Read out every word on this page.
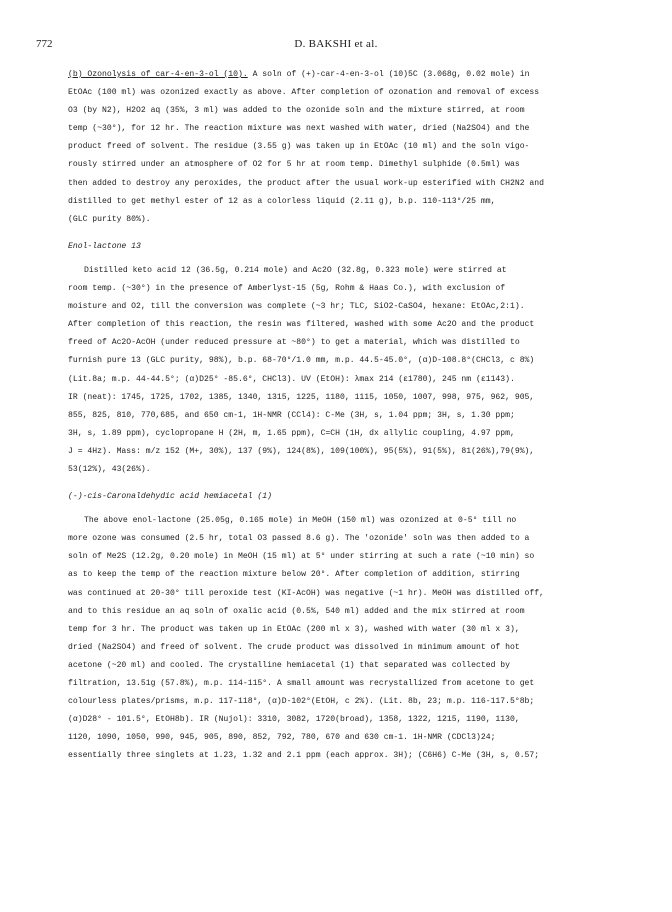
772	D. BAKSHI et al.
(b) Ozonolysis of car-4-en-3-ol (10). A soln of (+)-car-4-en-3-ol (10)5C (3.068g, 0.02 mole) in
EtOAc (100 ml) was ozonized exactly as above. After completion of ozonation and removal of excess
O3 (by N2), H2O2 aq (35%, 3 ml) was added to the ozonide soln and the mixture stirred, at room
temp (~30°), for 12 hr. The reaction mixture was next washed with water, dried (Na2SO4) and the
product freed of solvent. The residue (3.55 g) was taken up in EtOAc (10 ml) and the soln vigo-
rously stirred under an atmosphere of O2 for 5 hr at room temp. Dimethyl sulphide (0.5ml) was
then added to destroy any peroxides, the product after the usual work-up esterified with CH2N2 and
distilled to get methyl ester of 12 as a colorless liquid (2.11 g), b.p. 110-113°/25 mm,
(GLC purity 80%).
Enol-lactone 13
Distilled keto acid 12 (36.5g, 0.214 mole) and Ac2O (32.8g, 0.323 mole) were stirred at
room temp. (~30°) in the presence of Amberlyst-15 (5g, Rohm & Haas Co.), with exclusion of
moisture and O2, till the conversion was complete (~3 hr; TLC, SiO2-CaSO4, hexane: EtOAc,2:1).
After completion of this reaction, the resin was filtered, washed with some Ac2O and the product
freed of Ac2O-AcOH (under reduced pressure at ~80°) to get a material, which was distilled to
furnish pure 13 (GLC purity, 98%), b.p. 68-70°/1.0 mm, m.p. 44.5-45.0°, (α)D-108.8°(CHCl3, c 8%)
(Lit.8a; m.p. 44-44.5°; (α)D25° -85.6°, CHCl3). UV (EtOH): λmax 214 (ε1780), 245 nm (ε1143).
IR (neat): 1745, 1725, 1702, 1385, 1340, 1315, 1225, 1180, 1115, 1050, 1007, 998, 975, 962, 905,
855, 825, 810, 770,685, and 650 cm-1, 1H-NMR (CCl4): C-Me (3H, s, 1.04 ppm; 3H, s, 1.30 ppm;
3H, s, 1.89 ppm), cyclopropane H (2H, m, 1.65 ppm), C=CH (1H, dx allylic coupling, 4.97 ppm,
J = 4Hz). Mass: m/z 152 (M+, 30%), 137 (9%), 124(8%), 109(100%), 95(5%), 91(5%), 81(26%),79(9%),
53(12%), 43(26%).
(-)-cis-Caronaldehydic acid hemiacetal (1)
The above enol-lactone (25.05g, 0.165 mole) in MeOH (150 ml) was ozonized at 0-5° till no
more ozone was consumed (2.5 hr, total O3 passed 8.6 g). The 'ozonide' soln was then added to a
soln of Me2S (12.2g, 0.20 mole) in MeOH (15 ml) at 5° under stirring at such a rate (~10 min) so
as to keep the temp of the reaction mixture below 20°. After completion of addition, stirring
was continued at 20-30° till peroxide test (KI-AcOH) was negative (~1 hr). MeOH was distilled off,
and to this residue an aq soln of oxalic acid (0.5%, 540 ml) added and the mix stirred at room
temp for 3 hr. The product was taken up in EtOAc (200 ml x 3), washed with water (30 ml x 3),
dried (Na2SO4) and freed of solvent. The crude product was dissolved in minimum amount of hot
acetone (~20 ml) and cooled. The crystalline hemiacetal (1) that separated was collected by
filtration, 13.51g (57.8%), m.p. 114-115°. A small amount was recrystallized from acetone to get
colourless plates/prisms, m.p. 117-118°, (α)D-102°(EtOH, c 2%). (Lit. 8b, 23; m.p. 116-117.5°8b;
(α)D28° - 101.5°, EtOH8b). IR (Nujol): 3310, 3082, 1720(broad), 1358, 1322, 1215, 1190, 1130,
1120, 1090, 1050, 990, 945, 905, 890, 852, 792, 780, 670 and 630 cm-1. 1H-NMR (CDCl3)24;
essentially three singlets at 1.23, 1.32 and 2.1 ppm (each approx. 3H); (C6H6) C-Me (3H, s, 0.57;
